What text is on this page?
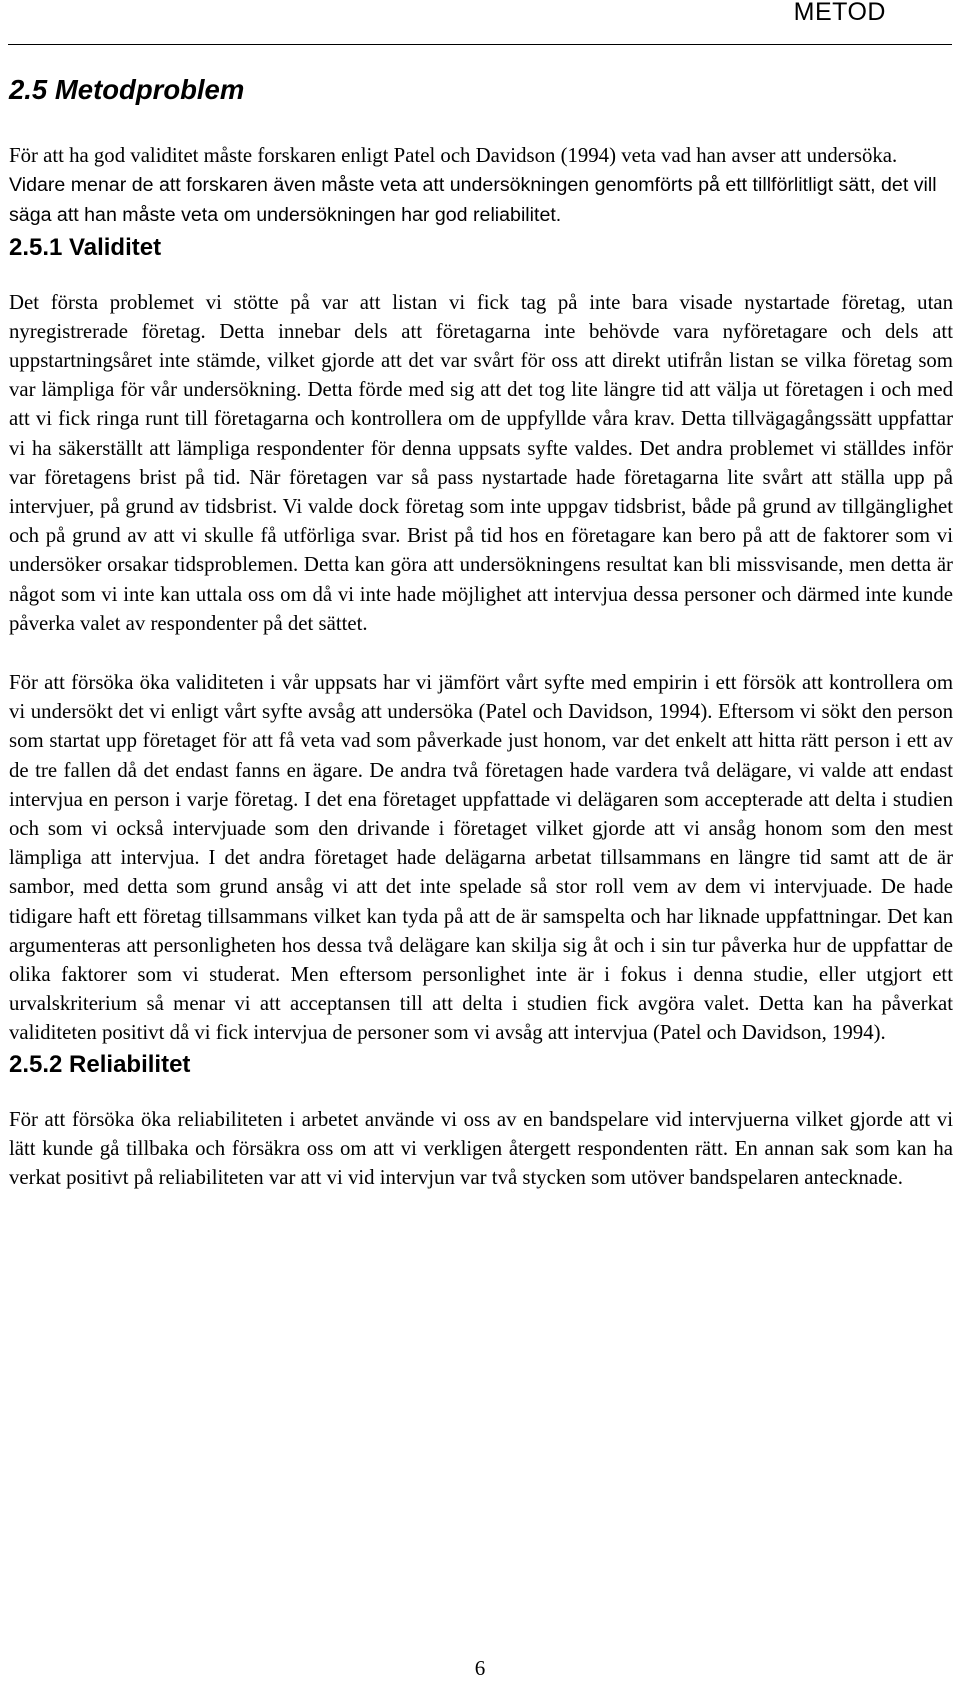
METOD
2.5 Metodproblem

För att ha god validitet måste forskaren enligt Patel och Davidson (1994) veta vad han avser att undersöka. Vidare menar de att forskaren även måste veta att undersökningen genomförts på ett tillförlitligt sätt, det vill säga att han måste veta om undersökningen har god reliabilitet.

2.5.1 Validitet

Det första problemet vi stötte på var att listan vi fick tag på inte bara visade nystartade företag, utan nyregistrerade företag. Detta innebar dels att företagarna inte behövde vara nyföretagare och dels att uppstartningsåret inte stämde, vilket gjorde att det var svårt för oss att direkt utifrån listan se vilka företag som var lämpliga för vår undersökning. Detta förde med sig att det tog lite längre tid att välja ut företagen i och med att vi fick ringa runt till företagarna och kontrollera om de uppfyllde våra krav. Detta tillvägagångssätt uppfattar vi ha säkerställt att lämpliga respondenter för denna uppsats syfte valdes. Det andra problemet vi ställdes inför var företagens brist på tid. När företagen var så pass nystartade hade företagarna lite svårt att ställa upp på intervjuer, på grund av tidsbrist. Vi valde dock företag som inte uppgav tidsbrist, både på grund av tillgänglighet och på grund av att vi skulle få utförliga svar. Brist på tid hos en företagare kan bero på att de faktorer som vi undersöker orsakar tidsproblemen. Detta kan göra att undersökningens resultat kan bli missvisande, men detta är något som vi inte kan uttala oss om då vi inte hade möjlighet att intervjua dessa personer och därmed inte kunde påverka valet av respondenter på det sättet.

För att försöka öka validiteten i vår uppsats har vi jämfört vårt syfte med empirin i ett försök att kontrollera om vi undersökt det vi enligt vårt syfte avsåg att undersöka (Patel och Davidson, 1994). Eftersom vi sökt den person som startat upp företaget för att få veta vad som påverkade just honom, var det enkelt att hitta rätt person i ett av de tre fallen då det endast fanns en ägare. De andra två företagen hade vardera två delägare, vi valde att endast intervjua en person i varje företag. I det ena företaget uppfattade vi delägaren som accepterade att delta i studien och som vi också intervjuade som den drivande i företaget vilket gjorde att vi ansåg honom som den mest lämpliga att intervjua. I det andra företaget hade delägarna arbetat tillsammans en längre tid samt att de är sambor, med detta som grund ansåg vi att det inte spelade så stor roll vem av dem vi intervjuade. De hade tidigare haft ett företag tillsammans vilket kan tyda på att de är samspelta och har liknade uppfattningar. Det kan argumenteras att personligheten hos dessa två delägare kan skilja sig åt och i sin tur påverka hur de uppfattar de olika faktorer som vi studerat. Men eftersom personlighet inte är i fokus i denna studie, eller utgjort ett urvalskriterium så menar vi att acceptansen till att delta i studien fick avgöra valet. Detta kan ha påverkat validiteten positivt då vi fick intervjua de personer som vi avsåg att intervjua (Patel och Davidson, 1994).

2.5.2 Reliabilitet

För att försöka öka reliabiliteten i arbetet använde vi oss av en bandspelare vid intervjuerna vilket gjorde att vi lätt kunde gå tillbaka och försäkra oss om att vi verkligen återgett respondenten rätt. En annan sak som kan ha verkat positivt på reliabiliteten var att vi vid intervjun var två stycken som utöver bandspelaren antecknade.

6
